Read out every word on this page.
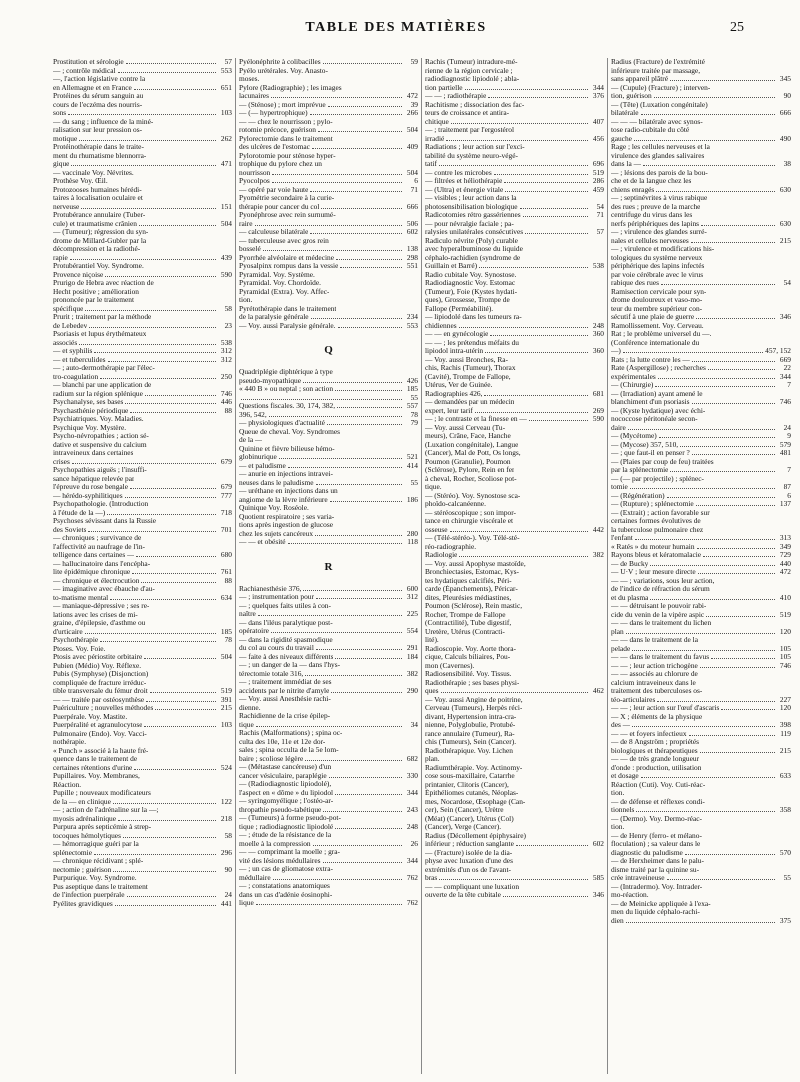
TABLE DES MATIÈRES	25
Prostitution et sérologie	57
— ; contrôle médical	553
—, l'action législative contre la
en Allemagne et en France	651
Protéines du sérum sanguin au
cours de l'eczéma des nourris-
sons	103
— du sang ; influence de la miné-
ralisation sur leur pression os-
motique	262
Protéinothérapie dans le traite-
ment du rhumatisme blennorra-
gique	471
— vaccinale Voy. Névrites.
Prothèse Voy. Œil.
Protozooses humaines hérédi-
taires à localisation oculaire et
nerveuse	151
Protubérance annulaire (Tuber-
cule) et traumatisme crânien	504
— (Tumeur); régression du syn-
drome de Millard-Gubler par la
décompression et la radiothé-
rapie	439
Protubérantiel Voy. Syndrome.
Provence niçoise	590
Prurigo de Hebra avec réaction de
Hecht positive ; amélioration
prononcée par le traitement
spécifique	58
Prurit ; traitement par la méthode
de Lebedev	23
Psoriasis et lupus érythémateux
associés	538
— et syphilis	312
— et tuberculides	312
— ; auto-dermothérapie par l'élec-
tro-coagulation	250
— blanchi par une application de
radium sur la région splénique	746
Psychanalyse, ses bases	446
Psychasthénie périodique	88
Psychiatriques. Voy. Maladies.
Psychique Voy. Mystère.
Psycho-névropathies ; action sé-
dative et suspensive du calcium
intraveineux dans certaines
crises	679
Psychopathies aiguës ; l'insuffi-
sance hépatique relevée par
l'épreuve du rose bengale	679
— hérédo-syphilitiques	777
Psychopathologie. (Introduction
à l'étude de la —)	718
Psychoses sévissant dans la Russie
des Soviets	701
— chroniques ; survivance de
l'affectivité au naufrage de l'in-
telligence dans certaines —	680
— hallucinatoire dans l'encépha-
lite épidémique chronique	761
— chronique et électrocution	88
— imaginative avec ébauche d'au-
to-matisme mental	634
— maniaque-dépressive ; ses re-
lations avec les crises de mi-
graine, d'épilepsie, d'asthme ou
d'urticaire	185
Psychothérapie	78
Ptoses. Voy. Foie.
Ptosis avec périostite orbitaire	504
Pubien (Médio) Voy. Réflexe.
Pubis (Symphyse) (Disjonction)
compliquée de fracture irréduc-
tible transversale du fémur droit	519
— — traitée par ostéosynthèse	391
Puériculture ; nouvelles méthodes	215
Puerpérale. Voy. Mastite.
Puerpéralité et agranulocytose	103
Pulmonaire (Endo). Voy. Vacci-
nothérapie.
« Punch » associé à la haute fré-
quence dans le traitement de
certaines rétentions d'urine	524
Pupillaires. Voy. Membranes,
Réaction.
Pupille ; nouveaux modificateurs
de la — en clinique	122
— ; action de l'adrénaline sur la —;
myosis adrénalinique	218
Purpura après septicémie à strep-
tocoques hémolytiques	58
— hémorragique guéri par la
splénectomie	296
— chronique récidivant ; splé-
nectomie ; guérison	90
Purpurique. Voy. Syndrome.
Pus aseptique dans le traitement
de l'infection puerpérale	24
Pyélites gravidiques	441
Pyélonéphrite à colibacilles	59
Pyélo urétérales. Voy. Anasto-
moses.
Pylore (Radiographie) ; les images
lacunaires	472
— (Sténose) ; mort imprévue	39
— (— hypertrophique)	266
— — chez le nourrisson ; pylo-
rotomie précoce, guérison	504
Pylorectomie dans le traitement
des ulcères de l'estomac	409
Pylorotomie pour sténose hyper-
trophique du pylore chez un
nourrisson	504
Pyocolpos	6
— opéré par voie haute	71
Pyométrie secondaire à la curie-
thérapie pour cancer du col	666
Pyonéphrose avec rein surnumé-
raire	506
— calculeuse bilatérale	602
— tuberculeuse avec gros rein
bosselé	138
Pyorrhée alvéolaire et médecine	298
Pyosalpinx rompus dans la vessie	551
Pyramidal. Voy. Système.
Pyramidal. Voy. Chordoïde.
Pyramidal (Extra). Voy. Affec-
tion.
Pyrétothérapie dans le traitement
de la paralysie générale	234
— Voy. aussi Paralysie générale.	553
Q
Quadriplégie diphtérique à type
pseudo-myopathique	426
« 440 B » ou neptal ; son action	185
55
Questions fiscales. 30, 174, 382,	557
396, 542,	78
— physiologiques d'actualité	79
Queue de cheval. Voy. Syndromes
de la —
Quinine et fièvre bilieuse hémo-
globinurique	521
— et paludisme	414
— anurie en injections intravei-
neuses dans le paludisme	55
— uréthane en injections dans un
angiome de la lèvre inférieure	186
Quinique Voy. Roséole.
Quotient respiratoire ; ses varia-
tions après ingestion de glucose
chez les sujets cancéreux	280
— — et obésité	118
R
Rachianesthésie 376,	600
— ; instrumentation pour	312
— ; quelques faits utiles à con-
naître	225
— dans l'iléus paralytique post-
opératoire	554
— dans la rigidité spasmodique
du col au cours du travail	291
— faite à des niveaux différents	184
— ; un danger de la — dans l'hys-
térectomie totale 316,	382
— ; traitement immédiat de ses
accidents par le nitrite d'amyle	290
— Voy. aussi Anesthésie rachi-
dienne.
Rachidienne de la crise épilep-
tique	34
Rachis (Malformations) ; spina oc-
culta des 10e, 11e et 12e dor-
sales ; spina occulta de la 5e lom-
baire ; scoliose légère	682
— (Métastase cancéreuse) d'un
cancer vésiculaire, paraplégie	330
— (Radiodiagnostic lipiodolé),
l'aspect en « dôme » du lipiodol	344
— syringomyélique ; l'ostéo-ar-
thropathie pseudo-tabétique	243
— (Tumeurs) à forme pseudo-pot-
tique ; radiodiagnostic lipiodolé	248
— ; étude de la résistance de la
moelle à la compression	26
— — comprimant la moelle ; gra-
vité des lésions médullaires	344
— ; un cas de gliomatose extra-
médullaire	762
— ; constatations anatomiques
dans un cas d'adénie éosinophi-
lique	762
Rachis (Tumeur) intradure-mé-
rienne de la région cervicale ;
radiodiagnostic lipiodolé ; abla-
tion partielle	344
— — ; radiothérapie	376
Rachitisme ; dissociation des fac-
teurs de croissance et antira-
chitique	407
— ; traitement par l'ergostérol
irradié	456
Radiations ; leur action sur l'exci-
tabilité du système neuro-végé-
tatif	696
— contre les microbes	519
— filtrées et héliothérapie	286
— (Ultra) et énergie vitale	459
— visibles ; leur action dans la
photosensibilisation biologique	54
Radicotomies rétro gassériennes	71
— pour névralgie faciale ; pa-
ralysies unilatérales consécutives	57
Radiculo névrite (Poly) curable
avec hyperalbuminose du liquide
céphalo-rachidien (syndrome de
Guillain et Barré)	538
Radio cubitale Voy. Synostose.
Radiodiagnostic Voy. Estomac
(Tumeur), Foie (Kystes hydati-
ques), Grossesse, Trompe de
Fallope (Perméabilité).
— lipiodolé dans les tumeurs ra-
chidiennes	248
— — en gynécologie	360
— — ; les prétendus méfaits du
lipiodol intra-utérin	360
— Voy. aussi Bronches, Ra-
chis, Rachis (Tumeur), Thorax
(Cavité), Trompe de Fallope,
Utérus, Ver de Guinée.
Radiographies 426,	681
— demandées par un médecin
expert, leur tarif	269
— ; le contraste et la finesse en —	590
— Voy. aussi Cerveau (Tu-
meurs), Crâne, Face, Hanche
(Luxation congénitale), Langue
(Cancer), Mal de Pott, Os longs,
Poumon (Granulie), Poumon
(Sclérose), Pylore, Rein en fer
à cheval, Rocher, Scoliose pot-
tique.
— (Stéréo). Voy. Synostose sca-
phoïdo-calcanéenne.
— stéréoscopique ; son impor-
tance en chirurgie viscérale et
osseuse	442
— (Télé-stéréo-). Voy. Télé-sté-
réo-radiographie.
Radiologie	382
— Voy. aussi Apophyse mastoïde,
Bronchiectasies, Estomac, Kys-
tes hydatiques calcifiés, Péri-
carde (Épanchements), Péricar-
dites, Pleurésies médiastines,
Poumon (Sclérose), Rein mastic,
Rocher, Trompe de Fallope
(Contractilité), Tube digestif,
Uretère, Utérus (Contracti-
lité).
Radioscopie. Voy. Aorte thora-
cique, Calculs biliaires, Pou-
mon (Cavernes).
Radiosensibilité. Voy. Tissus.
Radiothérapie ; ses bases physi-
ques	462
— Voy. aussi Angine de poitrine,
Cerveau (Tumeurs), Herpès réci-
divant, Hypertension intra-cra-
nienne, Polyglobulie, Protubé-
rance annulaire (Tumeur), Ra-
chis (Tumeurs), Sein (Cancer).
Radiothérapique. Voy. Lichen
plan.
Radiumthérapie. Voy. Actinomy-
cose sous-maxillaire, Catarrhe
printanier, Clitoris (Cancer),
Épithéliomes cutanés, Néoplas-
mes, Nocardose, Œsophage (Can-
cer), Sein (Cancer), Urètre
(Méat) (Cancer), Utérus (Col)
(Cancer), Verge (Cancer).
Radius (Décollement épiphysaire)
inférieur ; réduction sanglante	602
— (Fracture) isolée de la dia-
physe avec luxation d'une des
extrémités d'un os de l'avant-
bras	585
— — compliquant une luxation
ouverte de la tête cubitale	346
Radius (Fracture) de l'extrémité
inférieure traitée par massage,
sans appareil plâtré	345
— (Cupule) (Fracture) ; interven-
tion, guérison	90
— (Tête) (Luxation congénitale)
bilatérale	666
— — — bilatérale avec synos-
tose radio-cubitale du côté
gauche	490
Rage ; les cellules nerveuses et la
virulence des glandes salivaires
dans la —	38
— ; lésions des parois de la bou-
che et de la langue chez les
chiens enragés	630
— ; septinévrites à virus rabique
des rues ; preuve de la marche
centrifuge du virus dans les
nerfs périphériques des lapins	630
— ; virulence des glandes surré-
nales et cellules nerveuses	215
— ; virulence et modifications his-
tologiques du système nerveux
périphérique des lapins infectés
par voie cérébrale avec le virus
rabique des rues	54
Ramisection cervicale pour syn-
drome douloureux et vaso-mo-
teur du membre supérieur con-
sécutif à une plaie de guerre	346
Ramollissement. Voy. Cerveau.
Rat ; le problème universel du —.
(Conférence internationale du
—)	457, 152
Rats ; la lutte contre les —	669
Rate (Aspergillose) ; recherches	22
expérimentales	344
— (Chirurgie)	7
— (Irradiation) ayant amené le
blanchiment d'un psoriasis	746
— (Kyste hydatique) avec échi-
nococcose péritonéale secon-
daire	24
— (Mycétome)	9
— (Mycose) 357, 510,	579
— ; que faut-il en penser ?	481
— (Plaies par coup de feu) traitées
par la splénectomie	7
— (— par projectile) ; splénec-
tomie	87
— (Régénération)	6
— (Rupture) ; splénectomie	137
— (Extrait) ; action favorable sur
certaines formes évolutives de
la tuberculose pulmonaire chez
l'enfant	313
« Ratés » du moteur humain	349
Rayons bleus et kératomalacie	729
— de Bucky	440
— U·V ; leur mesure directe	472
— — ; variations, sous leur action,
de l'indice de réfraction du sérum
et du plasma	410
— — détruisant le pouvoir rabi-
cide du venin de la vipère aspic	519
— — dans le traitement du lichen
plan	120
— — dans le traitement de la
pelade	105
— — dans le traitement du favus	105
— — ; leur action trichogène	746
— — associés au chlorure de
calcium intraveineux dans le
traitement des tuberculoses os-
téo-articulaires	227
— — ; leur action sur l'œuf d'ascaris	120
— X ; éléments de la physique
des —	398
— — et foyers infectieux	119
— de 8 Angström ; propriétés
biologiques et thérapeutiques	215
— — de très grande longueur
d'onde : production, utilisation
et dosage	633
Réaction (Cuti). Voy. Cuti-réac-
tion.
— de défense et réflexes condi-
tionnels	358
— (Dermo). Voy. Dermo-réac-
tion.
— de Henry (ferro- et mélano-
floculation) ; sa valeur dans le
diagnostic du paludisme	570
— de Herxheimer dans le palu-
disme traité par la quinine su-
crée intraveineuse	55
— (Intradermo). Voy. Intrader-
mo-réaction.
— de Meinicke appliquée à l'exa-
men du liquide céphalo-rachi-
dien	375
